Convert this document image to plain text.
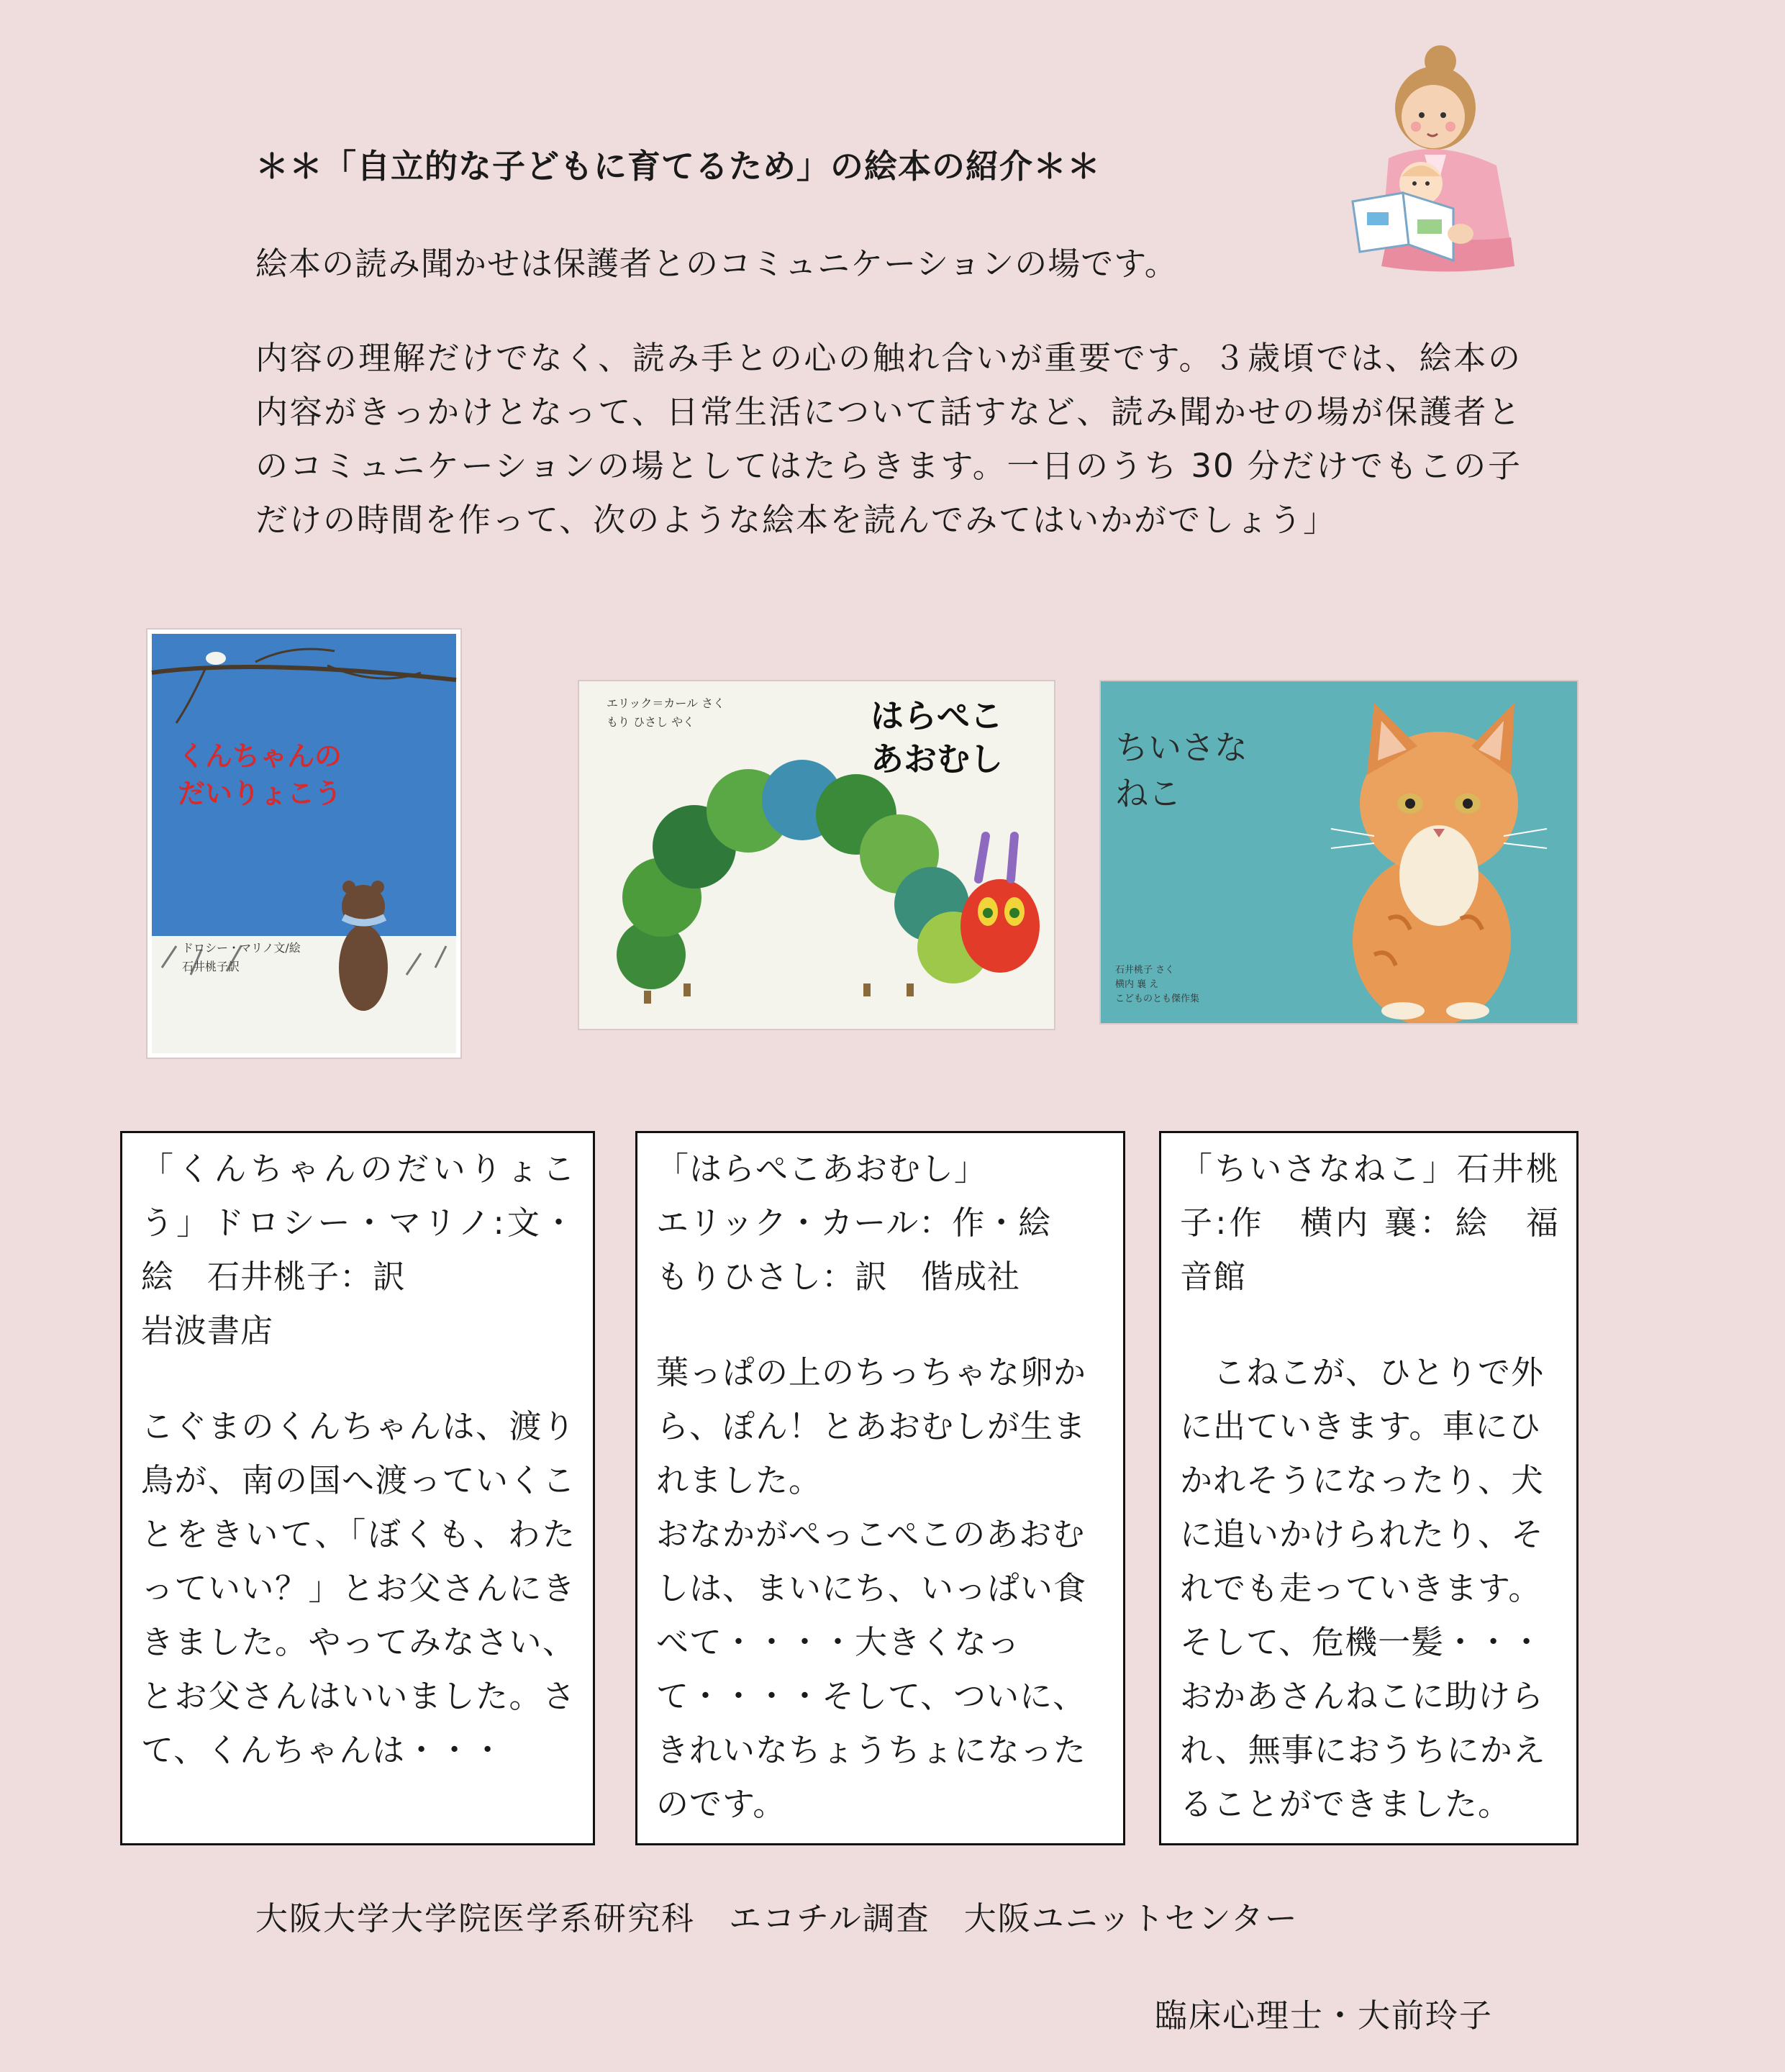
＊＊「自立的な子どもに育てるため」の絵本の紹介＊＊
絵本の読み聞かせは保護者とのコミュニケーションの場です。
内容の理解だけでなく、読み手との心の触れ合いが重要です。３歳頃では、絵本の内容がきっかけとなって、日常生活について話すなど、読み聞かせの場が保護者とのコミュニケーションの場としてはたらきます。一日のうち 30 分だけでもこの子だけの時間を作って、次のような絵本を読んでみてはいかがでしょう」
くんちゃんの
だいりょこう
ドロシー・マリノ文/絵
石井桃子訳
はらぺこ
あおむし
エリック＝カール さく
もり ひさし やく
ちいさな
ねこ
石井桃子 さく
横内 襄 え
こどものとも傑作集

「くんちゃんのだいりょこう」ドロシー・マリノ:文・絵　石井桃子：訳
岩波書店

こぐまのくんちゃんは、渡り鳥が、南の国へ渡っていくことをきいて、「ぼくも、わたっていい？」とお父さんにききました。やってみなさい、とお父さんはいいました。さて、くんちゃんは・・・

「はらぺこあおむし」
エリック・カール：作・絵
もりひさし：訳　偕成社

葉っぱの上のちっちゃな卵から、ぽん！とあおむしが生まれました。
おなかがぺっこぺこのあおむしは、まいにち、いっぱい食べて・・・・大きくなって・・・・そして、ついに、きれいなちょうちょになったのです。

「ちいさなねこ」石井桃子:作　横内 襄：絵　福音館

　こねこが、ひとりで外に出ていきます。車にひかれそうになったり、犬に追いかけられたり、それでも走っていきます。そして、危機一髪・・・おかあさんねこに助けられ、無事におうちにかえることができました。

大阪大学大学院医学系研究科　エコチル調査　大阪ユニットセンター
臨床心理士・大前玲子
